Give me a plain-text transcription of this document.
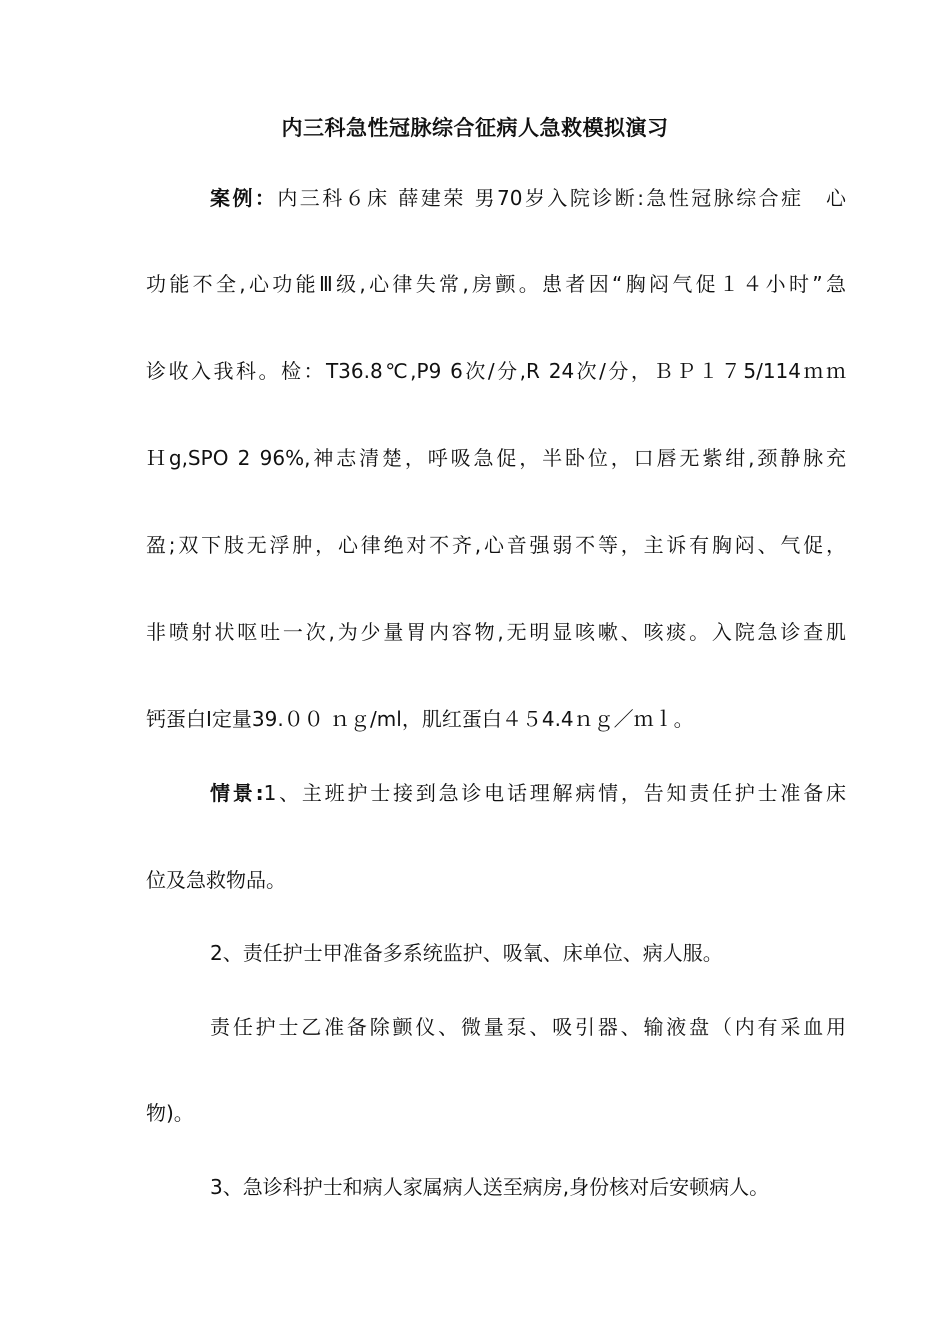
内三科急性冠脉综合征病人急救模拟演习
案例：内三科６床 薛建荣 男70岁入院诊断:急性冠脉综合症　心
功能不全,心功能Ⅲ级,心律失常,房颤。患者因“胸闷气促１４小时”急
诊收入我科。检：T36.8℃,P9 6次/分,R 24次/分，ＢＰ１７5/114ｍｍ
Ｈg,SPO 2 96%,神志清楚，呼吸急促，半卧位，口唇无紫绀,颈静脉充
盈;双下肢无浮肿，心律绝对不齐,心音强弱不等，主诉有胸闷、气促，
非喷射状呕吐一次,为少量胃内容物,无明显咳嗽、咳痰。入院急诊查肌
钙蛋白I定量39.００ ｎｇ/ml，肌红蛋白４５4.4ｎｇ／ｍｌ。
情景:1、主班护士接到急诊电话理解病情，告知责任护士准备床
位及急救物品。
2、责任护士甲准备多系统监护、吸氧、床单位、病人服。
责任护士乙准备除颤仪、微量泵、吸引器、输液盘（内有采血用
物)。
3、急诊科护士和病人家属病人送至病房,身份核对后安顿病人。
